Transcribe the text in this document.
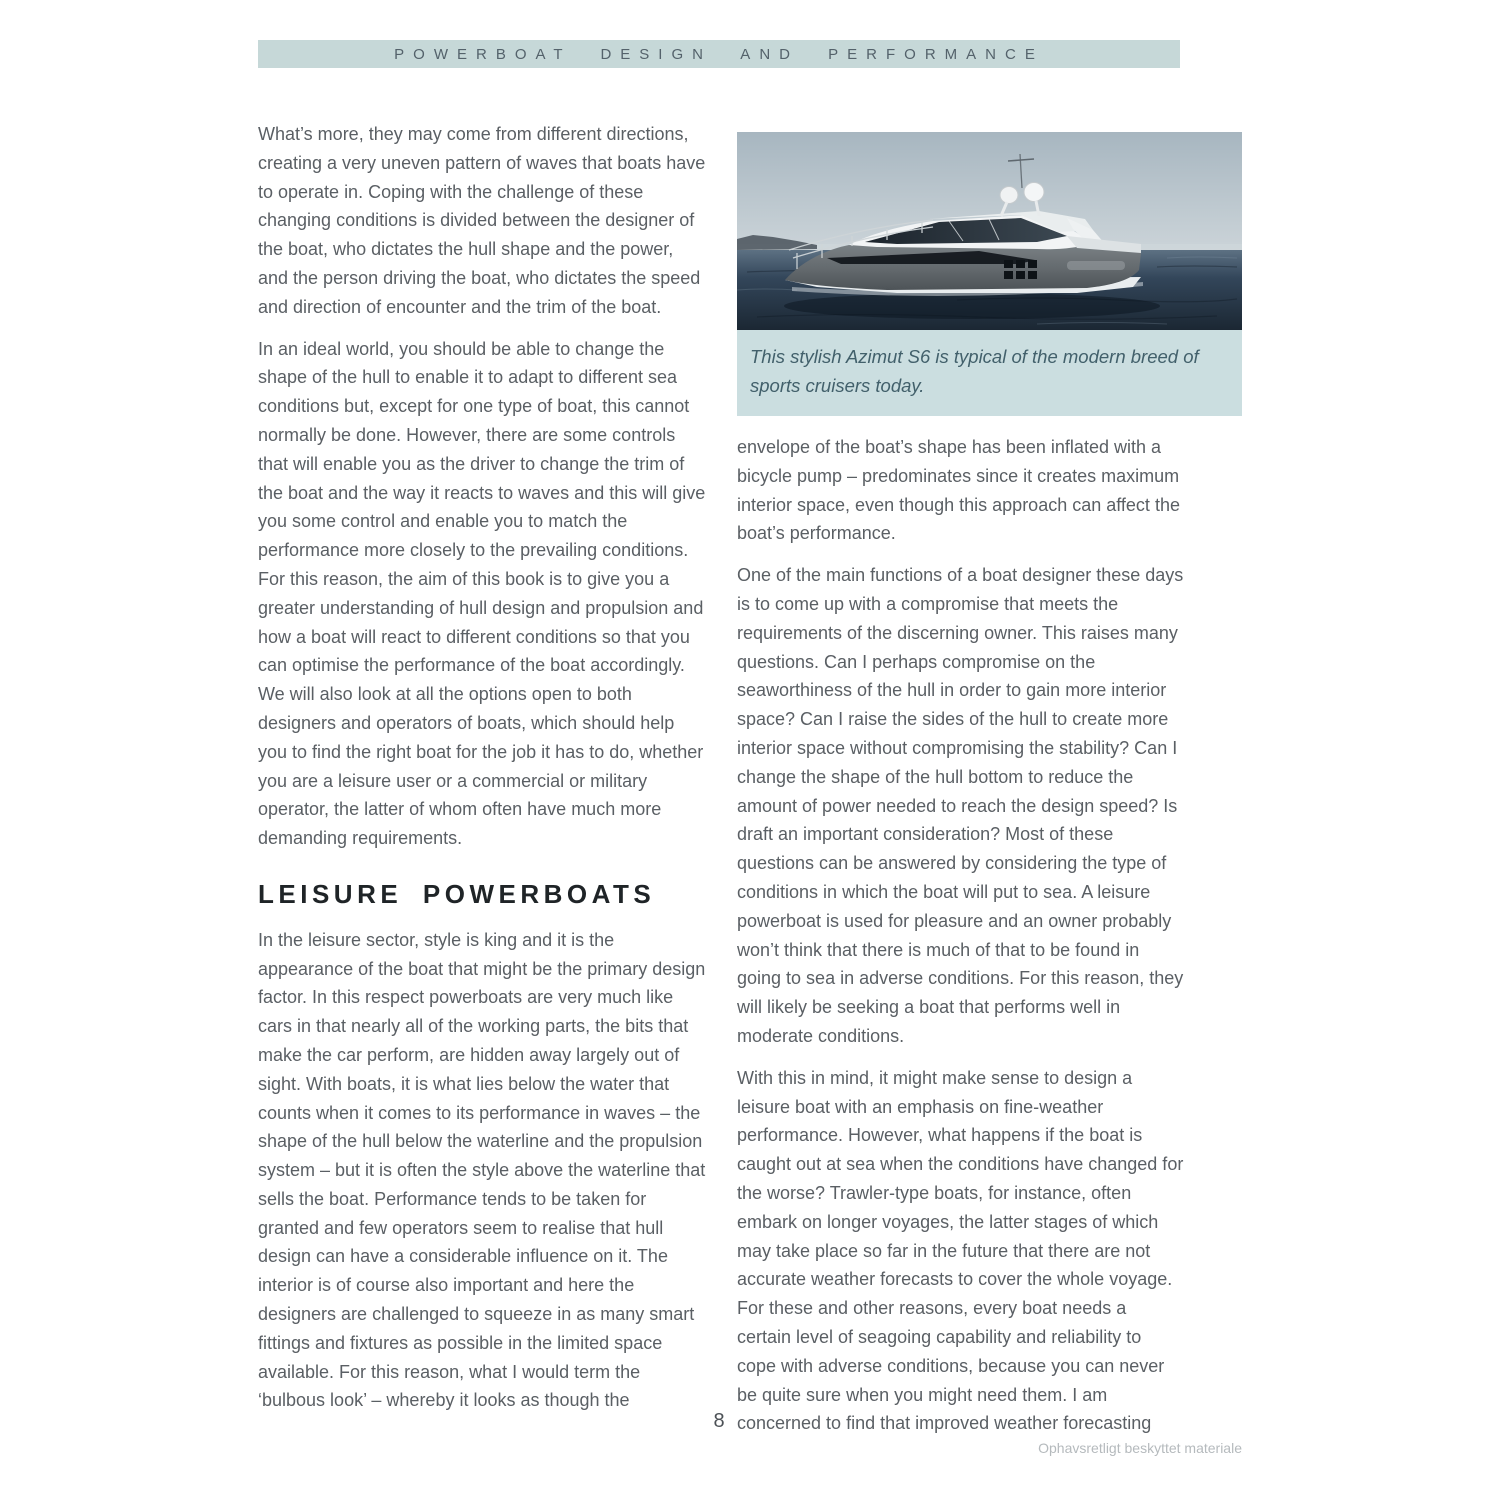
POWERBOAT DESIGN AND PERFORMANCE

What’s more, they may come from different directions, creating a very uneven pattern of waves that boats have to operate in. Coping with the challenge of these changing conditions is divided between the designer of the boat, who dictates the hull shape and the power, and the person driving the boat, who dictates the speed and direction of encounter and the trim of the boat.

In an ideal world, you should be able to change the shape of the hull to enable it to adapt to different sea conditions but, except for one type of boat, this cannot normally be done. However, there are some controls that will enable you as the driver to change the trim of the boat and the way it reacts to waves and this will give you some control and enable you to match the performance more closely to the prevailing conditions. For this reason, the aim of this book is to give you a greater understanding of hull design and propulsion and how a boat will react to different conditions so that you can optimise the performance of the boat accordingly. We will also look at all the options open to both designers and operators of boats, which should help you to find the right boat for the job it has to do, whether you are a leisure user or a commercial or military operator, the latter of whom often have much more demanding requirements.

LEISURE POWERBOATS

In the leisure sector, style is king and it is the appearance of the boat that might be the primary design factor. In this respect powerboats are very much like cars in that nearly all of the working parts, the bits that make the car perform, are hidden away largely out of sight. With boats, it is what lies below the water that counts when it comes to its performance in waves – the shape of the hull below the waterline and the propulsion system – but it is often the style above the waterline that sells the boat. Performance tends to be taken for granted and few operators seem to realise that hull design can have a considerable influence on it. The interior is of course also important and here the designers are challenged to squeeze in as many smart fittings and fixtures as possible in the limited space available. For this reason, what I would term the ‘bulbous look’ – whereby it looks as though the

This stylish Azimut S6 is typical of the modern breed of sports cruisers today.

envelope of the boat’s shape has been inflated with a bicycle pump – predominates since it creates maximum interior space, even though this approach can affect the boat’s performance.

One of the main functions of a boat designer these days is to come up with a compromise that meets the requirements of the discerning owner. This raises many questions. Can I perhaps compromise on the seaworthiness of the hull in order to gain more interior space? Can I raise the sides of the hull to create more interior space without compromising the stability? Can I change the shape of the hull bottom to reduce the amount of power needed to reach the design speed? Is draft an important consideration? Most of these questions can be answered by considering the type of conditions in which the boat will put to sea. A leisure powerboat is used for pleasure and an owner probably won’t think that there is much of that to be found in going to sea in adverse conditions. For this reason, they will likely be seeking a boat that performs well in moderate conditions.

With this in mind, it might make sense to design a leisure boat with an emphasis on fine-weather performance. However, what happens if the boat is caught out at sea when the conditions have changed for the worse? Trawler-type boats, for instance, often embark on longer voyages, the latter stages of which may take place so far in the future that there are not accurate weather forecasts to cover the whole voyage. For these and other reasons, every boat needs a certain level of seagoing capability and reliability to cope with adverse conditions, because you can never be quite sure when you might need them. I am concerned to find that improved weather forecasting

8
Ophavsretligt beskyttet materiale
